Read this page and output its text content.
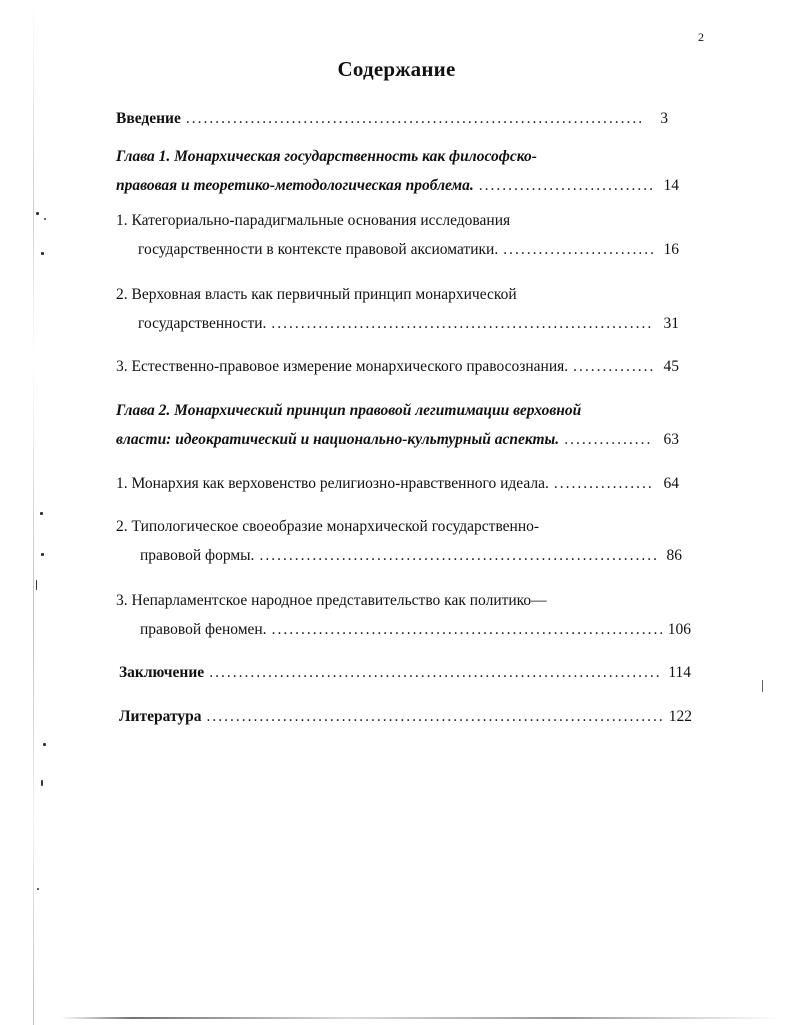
2
Содержание
Введение .....	3
Глава 1. Монархическая государственность как философско-
правовая и теоретико-методологическая проблема. .....	14
1. Категориально-парадигмальные основания исследования
государственности в контексте правовой аксиоматики. .....	16
2. Верховная власть как первичный принцип монархической
государственности. .....	31
3. Естественно-правовое измерение монархического правосознания. .....	45
Глава 2. Монархический принцип правовой легитимации верховной
власти: идеократический и национально-культурный аспекты. .....	63
1. Монархия как верховенство религиозно-нравственного идеала. .....	64
2. Типологическое своеобразие монархической государственно-
правовой формы. .....	86
3. Непарламентское народное представительство как политико—
правовой феномен. .....	106
Заключение .....	114
Литература .....	122
